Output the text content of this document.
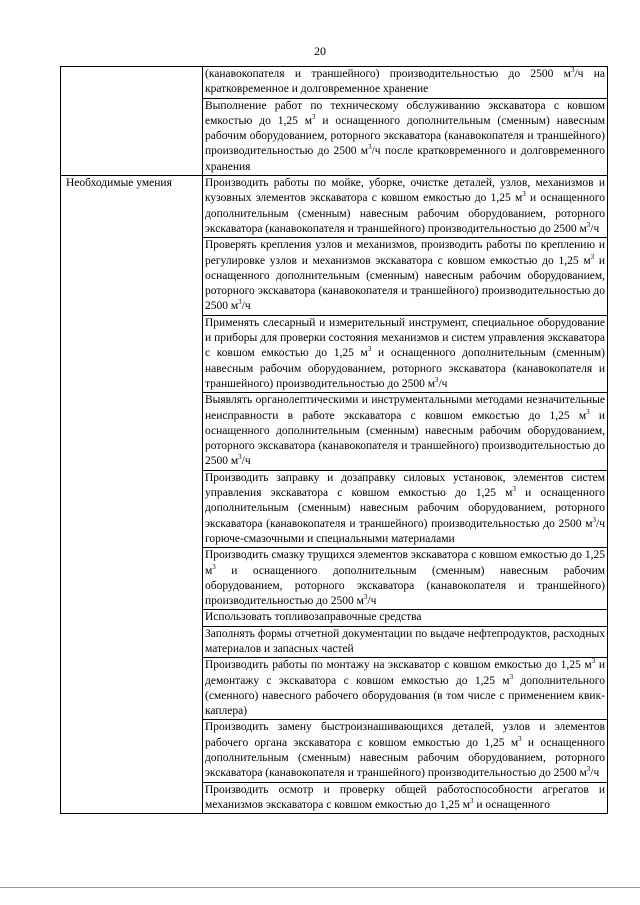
20
	(канавокопателя и траншейного) производительностью до 2500 $м^3/ч$ на кратковременное и долговременное хранение
	Выполнение работ по техническому обслуживанию экскаватора с ковшом емкостью до 1,25 $м^3$ и оснащенного дополнительным (сменным) навесным рабочим оборудованием, роторного экскаватора (канавокопателя и траншейного) производительностью до 2500 $м^3/ч$ после кратковременного и долговременного хранения
Необходимые умения	Производить работы по мойке, уборке, очистке деталей, узлов, механизмов и кузовных элементов экскаватора с ковшом емкостью до 1,25 $м^3$ и оснащенного дополнительным (сменным) навесным рабочим оборудованием, роторного экскаватора (канавокопателя и траншейного) производительностью до 2500 $м^3/ч$
	Проверять крепления узлов и механизмов, производить работы по креплению и регулировке узлов и механизмов экскаватора с ковшом емкостью до 1,25 $м^3$ и оснащенного дополнительным (сменным) навесным рабочим оборудованием, роторного экскаватора (канавокопателя и траншейного) производительностью до 2500 $м^3/ч$
	Применять слесарный и измерительный инструмент, специальное оборудование и приборы для проверки состояния механизмов и систем управления экскаватора с ковшом емкостью до 1,25 $м^3$ и оснащенного дополнительным (сменным) навесным рабочим оборудованием, роторного экскаватора (канавокопателя и траншейного) производительностью до 2500 $м^3/ч$
	Выявлять органолептическими и инструментальными методами незначительные неисправности в работе экскаватора с ковшом емкостью до 1,25 $м^3$ и оснащенного дополнительным (сменным) навесным рабочим оборудованием, роторного экскаватора (канавокопателя и траншейного) производительностью до 2500 $м^3/ч$
	Производить заправку и дозаправку силовых установок, элементов систем управления экскаватора с ковшом емкостью до 1,25 $м^3$ и оснащенного дополнительным (сменным) навесным рабочим оборудованием, роторного экскаватора (канавокопателя и траншейного) производительностью до 2500 $м^3/ч$ горюче-смазочными и специальными материалами
	Производить смазку трущихся элементов экскаватора с ковшом емкостью до 1,25 $м^3$ и оснащенного дополнительным (сменным) навесным рабочим оборудованием, роторного экскаватора (канавокопателя и траншейного) производительностью до 2500 $м^3/ч$
	Использовать топливозаправочные средства
	Заполнять формы отчетной документации по выдаче нефтепродуктов, расходных материалов и запасных частей
	Производить работы по монтажу на экскаватор с ковшом емкостью до 1,25 $м^3$ и демонтажу с экскаватора с ковшом емкостью до 1,25 $м^3$ дополнительного (сменного) навесного рабочего оборудования (в том числе с применением квик-каплера)
	Производить замену быстроизнашивающихся деталей, узлов и элементов рабочего органа экскаватора с ковшом емкостью до 1,25 $м^3$ и оснащенного дополнительным (сменным) навесным рабочим оборудованием, роторного экскаватора (канавокопателя и траншейного) производительностью до 2500 $м^3/ч$
	Производить осмотр и проверку общей работоспособности агрегатов и механизмов экскаватора с ковшом емкостью до 1,25 $м^3$ и оснащенного
